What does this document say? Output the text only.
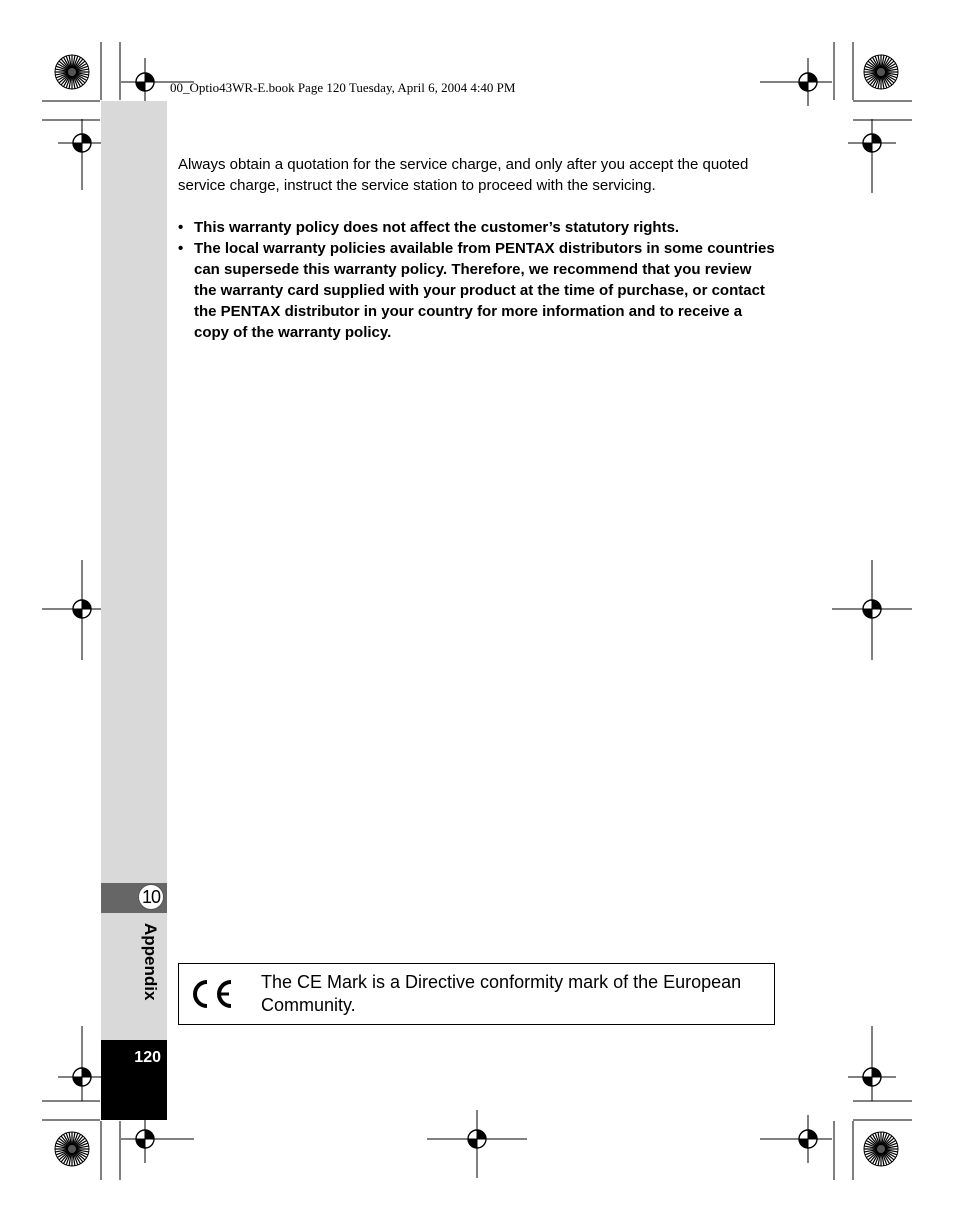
00_Optio43WR-E.book Page 120 Tuesday, April 6, 2004 4:40 PM
10
Appendix
120

Always obtain a quotation for the service charge, and only after you accept the quoted service charge, instruct the service station to proceed with the servicing.

• This warranty policy does not affect the customer’s statutory rights.
• The local warranty policies available from PENTAX distributors in some countries can supersede this warranty policy. Therefore, we recommend that you review the warranty card supplied with your product at the time of purchase, or contact the PENTAX distributor in your country for more information and to receive a copy of the warranty policy.

The CE Mark is a Directive conformity mark of the European Community.
